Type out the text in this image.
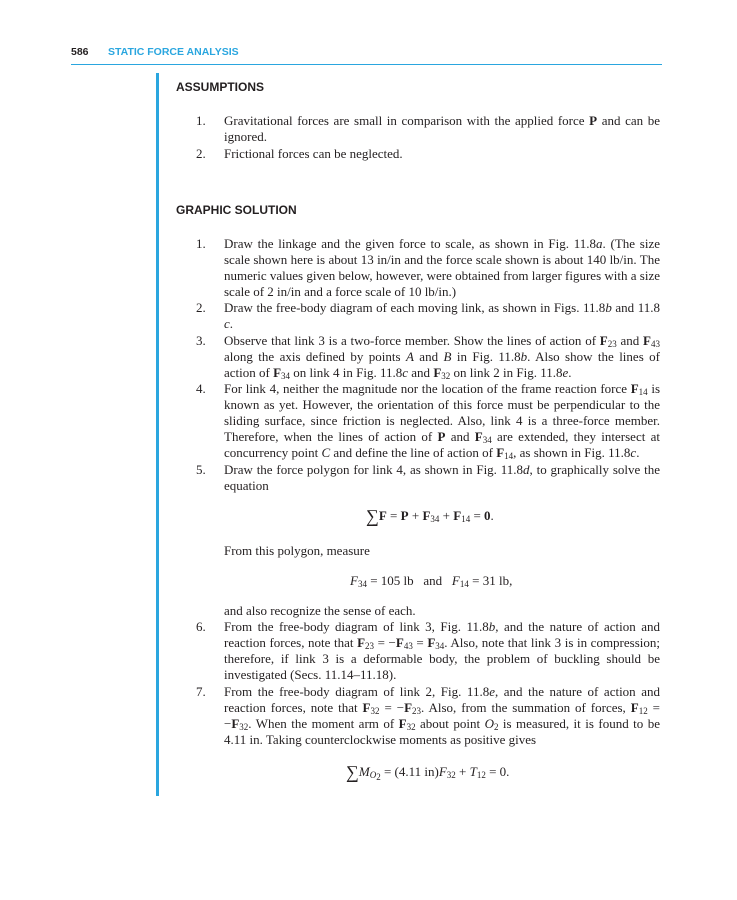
586 STATIC FORCE ANALYSIS
ASSUMPTIONS
1.	Gravitational forces are small in comparison with the applied force P and can be ignored.
2.	Frictional forces can be neglected.
GRAPHIC SOLUTION
1.	Draw the linkage and the given force to scale, as shown in Fig. 11.8a. (The size scale shown here is about 13 in/in and the force scale shown is about 140 lb/in. The numeric values given below, however, were obtained from larger figures with a size scale of 2 in/in and a force scale of 10 lb/in.)
2.	Draw the free-body diagram of each moving link, as shown in Figs. 11.8b and 11.8 c.
3.	Observe that link 3 is a two-force member. Show the lines of action of $F_{23}$ and $F_{43}$ along the axis defined by points A and B in Fig. 11.8b. Also show the lines of action of $F_{34}$ on link 4 in Fig. 11.8c and $F_{32}$ on link 2 in Fig. 11.8e.
4.	For link 4, neither the magnitude nor the location of the frame reaction force $F_{14}$ is known as yet. However, the orientation of this force must be perpendicular to the sliding surface, since friction is neglected. Also, link 4 is a three-force member. Therefore, when the lines of action of P and $F_{34}$ are extended, they intersect at concurrency point C and define the line of action of $F_{14}$, as shown in Fig. 11.8c.
5.	Draw the force polygon for link 4, as shown in Fig. 11.8d, to graphically solve the equation
$\sum F = P + F_{34} + F_{14} = 0$.
From this polygon, measure
$F_{34} = 105$ lb   and   $F_{14} = 31$ lb,
and also recognize the sense of each.
6.	From the free-body diagram of link 3, Fig. 11.8b, and the nature of action and reaction forces, note that $F_{23} = -F_{43} = F_{34}$. Also, note that link 3 is in compression; therefore, if link 3 is a deformable body, the problem of buckling should be investigated (Secs. 11.14–11.18).
7.	From the free-body diagram of link 2, Fig. 11.8e, and the nature of action and reaction forces, note that $F_{32} = -F_{23}$. Also, from the summation of forces, $F_{12} = -F_{32}$. When the moment arm of $F_{32}$ about point $O_2$ is measured, it is found to be 4.11 in. Taking counterclockwise moments as positive gives
$\sum M_{O_2} = (4.11$ $in)F_{32} + T_{12} = 0$.
